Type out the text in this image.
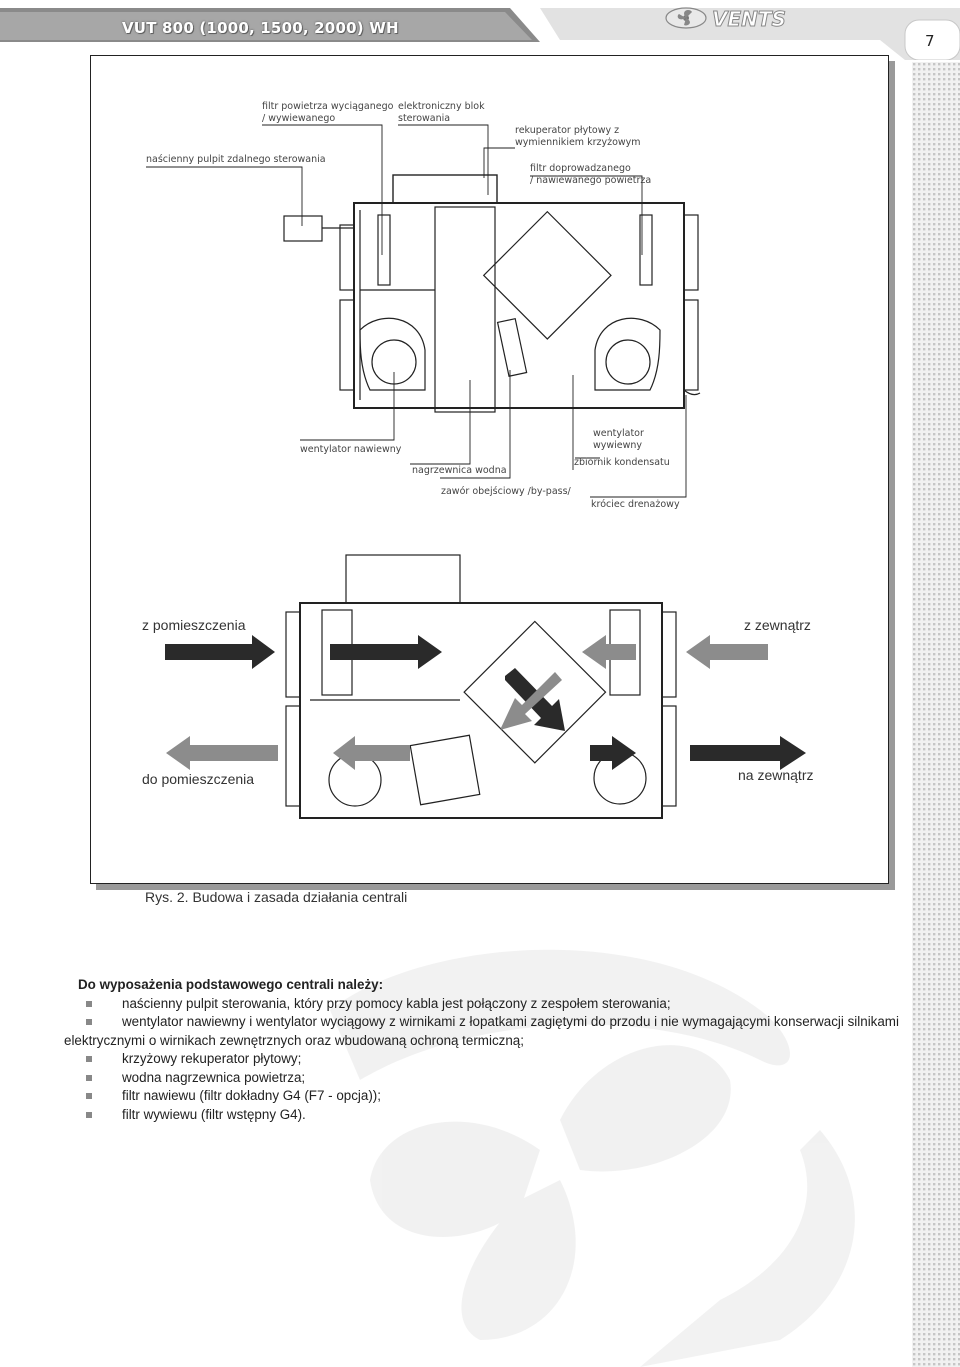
VUT 800 (1000, 1500, 2000) WH	VENTS
7
filtr powietrza wyciąganego
/ wywiewanego
elektroniczny blok
sterowania
rekuperator płytowy z
wymiennikiem krzyżowym
naścienny pulpit zdalnego sterowania
filtr doprowadzanego
/ nawiewanego powietrza
wentylator nawiewny
nagrzewnica wodna
wentylator
wywiewny
zbiornik kondensatu
zawór obejściowy /by-pass/
króciec drenażowy
z pomieszczenia	z zewnątrz
do pomieszczenia	na zewnątrz
Rys. 2. Budowa i zasada działania centrali
Do wyposażenia podstawowego centrali należy:
naścienny pulpit sterowania, który przy pomocy kabla jest połączony z zespołem sterowania;
wentylator nawiewny i wentylator wyciągowy z wirnikami z łopatkami zagiętymi do przodu i nie wymagającymi konserwacji silnikami elektrycznymi o wirnikach zewnętrznych oraz wbudowaną ochroną termiczną;
krzyżowy rekuperator płytowy;
wodna nagrzewnica powietrza;
filtr nawiewu (filtr dokładny G4 (F7 - opcja));
filtr wywiewu (filtr wstępny G4).
